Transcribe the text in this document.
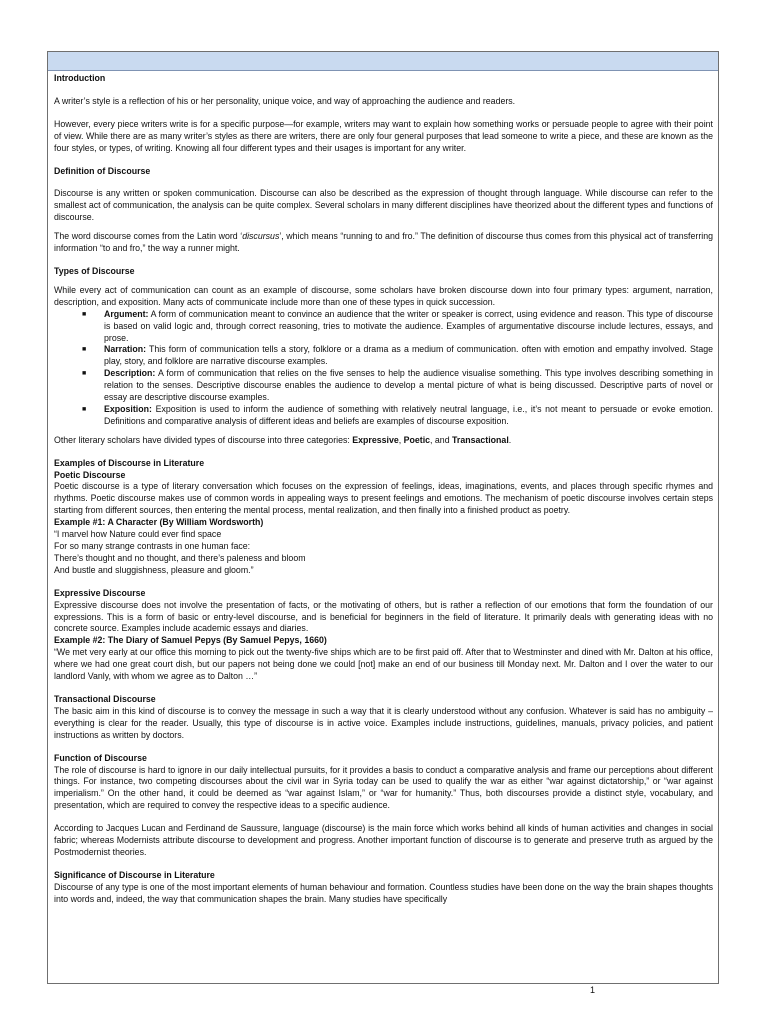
Introduction

A writer’s style is a reflection of his or her personality, unique voice, and way of approaching the audience and readers.

However, every piece writers write is for a specific purpose—for example, writers may want to explain how something works or persuade people to agree with their point of view. While there are as many writer’s styles as there are writers, there are only four general purposes that lead someone to write a piece, and these are known as the four styles, or types, of writing. Knowing all four different types and their usages is important for any writer.

Definition of Discourse

Discourse is any written or spoken communication. Discourse can also be described as the expression of thought through language. While discourse can refer to the smallest act of communication, the analysis can be quite complex. Several scholars in many different disciplines have theorized about the different types and functions of discourse.

The word discourse comes from the Latin word ‘discursus’, which means “running to and fro.” The definition of discourse thus comes from this physical act of transferring information “to and fro,” the way a runner might.

Types of Discourse

While every act of communication can count as an example of discourse, some scholars have broken discourse down into four primary types: argument, narration, description, and exposition. Many acts of communicate include more than one of these types in quick succession.

■ Argument: A form of communication meant to convince an audience that the writer or speaker is correct, using evidence and reason. This type of discourse is based on valid logic and, through correct reasoning, tries to motivate the audience. Examples of argumentative discourse include lectures, essays, and prose.
■ Narration: This form of communication tells a story, folklore or a drama as a medium of communication. often with emotion and empathy involved. Stage play, story, and folklore are narrative discourse examples.
■ Description: A form of communication that relies on the five senses to help the audience visualise something. This type involves describing something in relation to the senses. Descriptive discourse enables the audience to develop a mental picture of what is being discussed. Descriptive parts of novel or essay are descriptive discourse examples.
■ Exposition: Exposition is used to inform the audience of something with relatively neutral language, i.e., it’s not meant to persuade or evoke emotion. Definitions and comparative analysis of different ideas and beliefs are examples of discourse exposition.

Other literary scholars have divided types of discourse into three categories: Expressive, Poetic, and Transactional.

Examples of Discourse in Literature

Poetic Discourse

Poetic discourse is a type of literary conversation which focuses on the expression of feelings, ideas, imaginations, events, and places through specific rhymes and rhythms. Poetic discourse makes use of common words in appealing ways to present feelings and emotions. The mechanism of poetic discourse involves certain steps starting from different sources, then entering the mental process, mental realization, and then finally into a finished product as poetry.

Example #1: A Character (By William Wordsworth)

“I marvel how Nature could ever find space

For so many strange contrasts in one human face:

There’s thought and no thought, and there’s paleness and bloom

And bustle and sluggishness, pleasure and gloom.”

Expressive Discourse

Expressive discourse does not involve the presentation of facts, or the motivating of others, but is rather a reflection of our emotions that form the foundation of our expressions. This is a form of basic or entry-level discourse, and is beneficial for beginners in the field of literature. It primarily deals with generating ideas with no concrete source. Examples include academic essays and diaries.

Example #2: The Diary of Samuel Pepys (By Samuel Pepys, 1660)

“We met very early at our office this morning to pick out the twenty-five ships which are to be first paid off. After that to Westminster and dined with Mr. Dalton at his office, where we had one great court dish, but our papers not being done we could [not] make an end of our business till Monday next. Mr. Dalton and I over the water to our landlord Vanly, with whom we agree as to Dalton …”

Transactional Discourse

The basic aim in this kind of discourse is to convey the message in such a way that it is clearly understood without any confusion. Whatever is said has no ambiguity – everything is clear for the reader. Usually, this type of discourse is in active voice. Examples include instructions, guidelines, manuals, privacy policies, and patient instructions as written by doctors.

Function of Discourse

The role of discourse is hard to ignore in our daily intellectual pursuits, for it provides a basis to conduct a comparative analysis and frame our perceptions about different things. For instance, two competing discourses about the civil war in Syria today can be used to qualify the war as either “war against dictatorship,” or “war against imperialism.” On the other hand, it could be deemed as “war against Islam,” or “war for humanity.” Thus, both discourses provide a distinct style, vocabulary, and presentation, which are required to convey the respective ideas to a specific audience.

According to Jacques Lucan and Ferdinand de Saussure, language (discourse) is the main force which works behind all kinds of human activities and changes in social fabric; whereas Modernists attribute discourse to development and progress. Another important function of discourse is to generate and preserve truth as argued by the Postmodernist theories.

Significance of Discourse in Literature

Discourse of any type is one of the most important elements of human behaviour and formation. Countless studies have been done on the way the brain shapes thoughts into words and, indeed, the way that communication shapes the brain. Many studies have specifically

1
